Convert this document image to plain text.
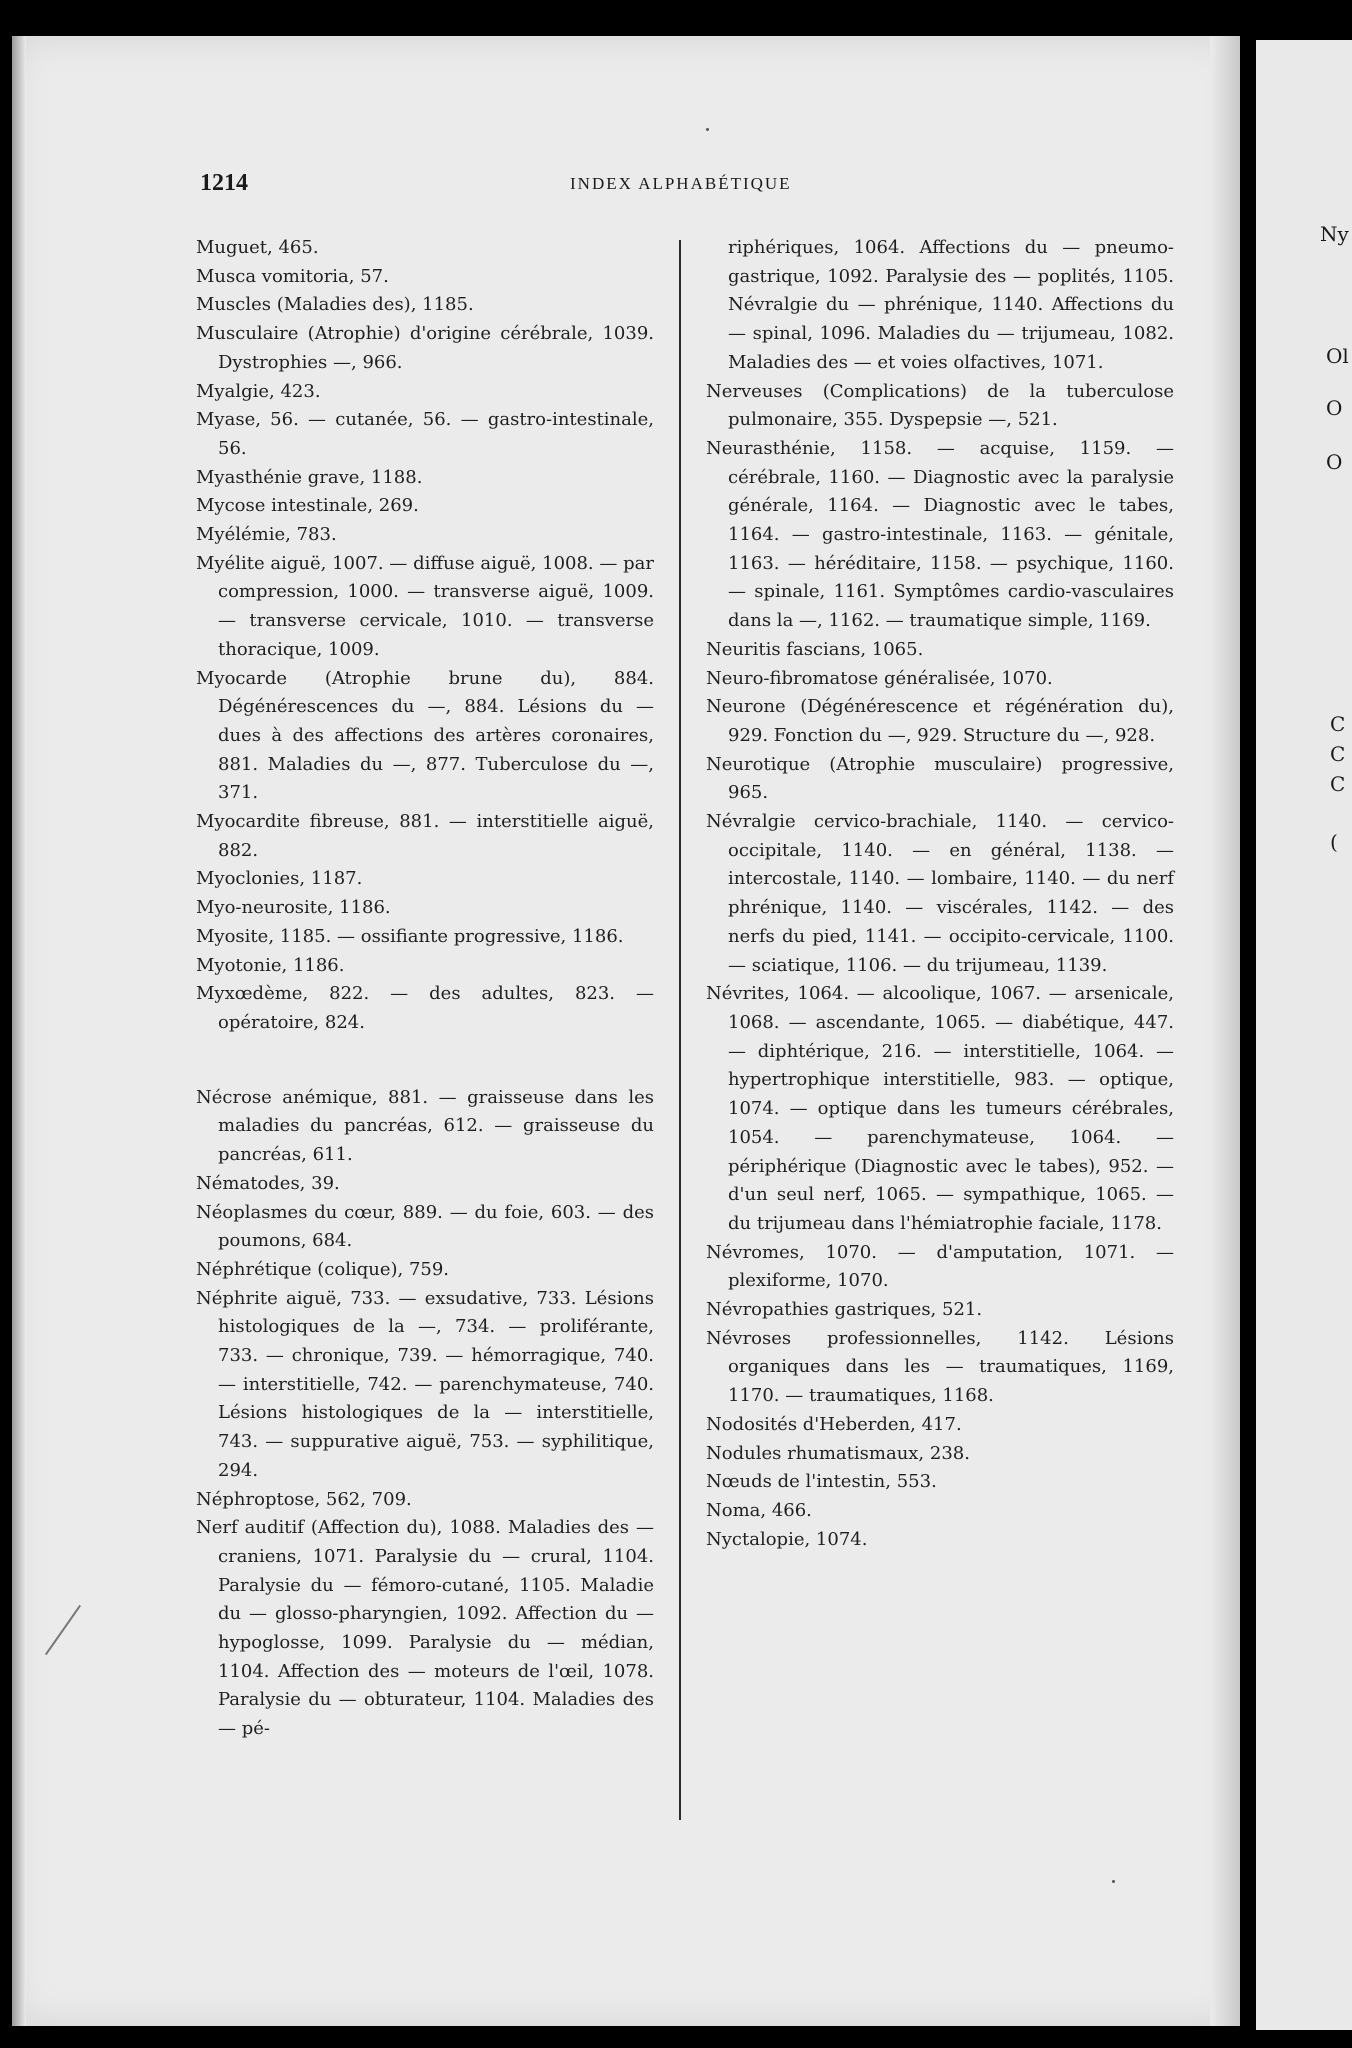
Ny
Ol
O
O
C
C
C
(
1214	INDEX ALPHABÉTIQUE
Muguet, 465.
Musca vomitoria, 57.
Muscles (Maladies des), 1185.
Musculaire (Atrophie) d'origine cérébrale, 1039. Dystrophies —, 966.
Myalgie, 423.
Myase, 56. — cutanée, 56. — gastro-intestinale, 56.
Myasthénie grave, 1188.
Mycose intestinale, 269.
Myélémie, 783.
Myélite aiguë, 1007. — diffuse aiguë, 1008. — par compression, 1000. — transverse aiguë, 1009. — transverse cervicale, 1010. — transverse thoracique, 1009.
Myocarde (Atrophie brune du), 884. Dégénérescences du —, 884. Lésions du — dues à des affections des artères coronaires, 881. Maladies du —, 877. Tuberculose du —, 371.
Myocardite fibreuse, 881. — interstitielle aiguë, 882.
Myoclonies, 1187.
Myo-neurosite, 1186.
Myosite, 1185. — ossifiante progressive, 1186.
Myotonie, 1186.
Myxœdème, 822. — des adultes, 823. — opératoire, 824.
Nécrose anémique, 881. — graisseuse dans les maladies du pancréas, 612. — graisseuse du pancréas, 611.
Nématodes, 39.
Néoplasmes du cœur, 889. — du foie, 603. — des poumons, 684.
Néphrétique (colique), 759.
Néphrite aiguë, 733. — exsudative, 733. Lésions histologiques de la —, 734. — proliférante, 733. — chronique, 739. — hémorragique, 740. — interstitielle, 742. — parenchymateuse, 740. Lésions histologiques de la — interstitielle, 743. — suppurative aiguë, 753. — syphilitique, 294.
Néphroptose, 562, 709.
Nerf auditif (Affection du), 1088. Maladies des — craniens, 1071. Paralysie du — crural, 1104. Paralysie du — fémoro-cutané, 1105. Maladie du — glosso-pharyngien, 1092. Affection du — hypoglosse, 1099. Paralysie du — médian, 1104. Affection des — moteurs de l'œil, 1078. Paralysie du — obturateur, 1104. Maladies des — pé-
riphériques, 1064. Affections du — pneumo-gastrique, 1092. Paralysie des — poplités, 1105. Névralgie du — phrénique, 1140. Affections du — spinal, 1096. Maladies du — trijumeau, 1082. Maladies des — et voies olfactives, 1071.
Nerveuses (Complications) de la tuberculose pulmonaire, 355. Dyspepsie —, 521.
Neurasthénie, 1158. — acquise, 1159. — cérébrale, 1160. — Diagnostic avec la paralysie générale, 1164. — Diagnostic avec le tabes, 1164. — gastro-intestinale, 1163. — génitale, 1163. — héréditaire, 1158. — psychique, 1160. — spinale, 1161. Symptômes cardio-vasculaires dans la —, 1162. — traumatique simple, 1169.
Neuritis fascians, 1065.
Neuro-fibromatose généralisée, 1070.
Neurone (Dégénérescence et régénération du), 929. Fonction du —, 929. Structure du —, 928.
Neurotique (Atrophie musculaire) progressive, 965.
Névralgie cervico-brachiale, 1140. — cervico-occipitale, 1140. — en général, 1138. — intercostale, 1140. — lombaire, 1140. — du nerf phrénique, 1140. — viscérales, 1142. — des nerfs du pied, 1141. — occipito-cervicale, 1100. — sciatique, 1106. — du trijumeau, 1139.
Névrites, 1064. — alcoolique, 1067. — arsenicale, 1068. — ascendante, 1065. — diabétique, 447. — diphtérique, 216. — interstitielle, 1064. — hypertrophique interstitielle, 983. — optique, 1074. — optique dans les tumeurs cérébrales, 1054. — parenchymateuse, 1064. — périphérique (Diagnostic avec le tabes), 952. — d'un seul nerf, 1065. — sympathique, 1065. — du trijumeau dans l'hémiatrophie faciale, 1178.
Névromes, 1070. — d'amputation, 1071. — plexiforme, 1070.
Névropathies gastriques, 521.
Névroses professionnelles, 1142. Lésions organiques dans les — traumatiques, 1169, 1170. — traumatiques, 1168.
Nodosités d'Heberden, 417.
Nodules rhumatismaux, 238.
Nœuds de l'intestin, 553.
Noma, 466.
Nyctalopie, 1074.
